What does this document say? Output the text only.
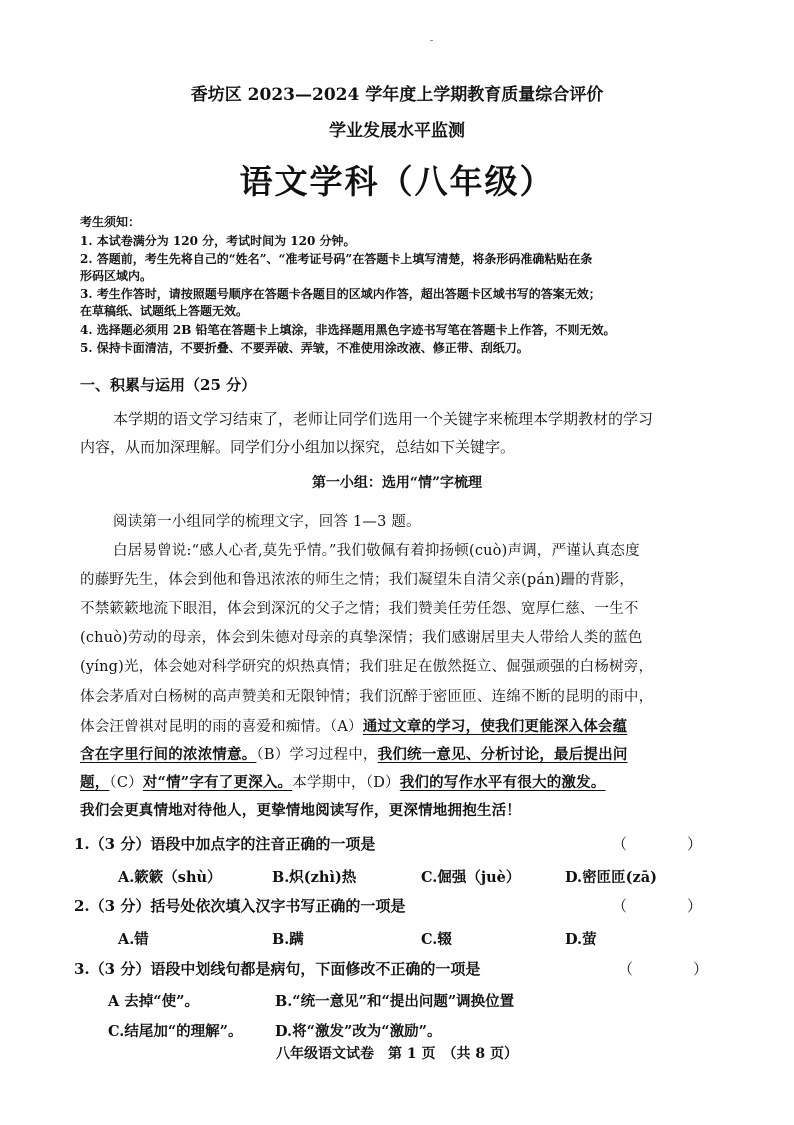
香坊区 2023—2024 学年度上学期教育质量综合评价
学业发展水平监测
语文学科（八年级）
考生须知：
1. 本试卷满分为 120 分，考试时间为 120 分钟。
2. 答题前，考生先将自己的“姓名”、“准考证号码”在答题卡上填写清楚，将条形码准确粘贴在条
形码区域内。
3. 考生作答时，请按照题号顺序在答题卡各题目的区域内作答，超出答题卡区域书写的答案无效；
在草稿纸、试题纸上答题无效。
4. 选择题必须用 2B 铅笔在答题卡上填涂，非选择题用黑色字迹书写笔在答题卡上作答，不则无效。
5. 保持卡面清洁，不要折叠、不要弄破、弄皱，不准使用涂改液、修正带、刮纸刀。
一、积累与运用（25 分）
本学期的语文学习结束了，老师让同学们选用一个关键字来梳理本学期教材的学习
内容，从而加深理解。同学们分小组加以探究，总结如下关键字。
第一小组：选用“情”字梳理
阅读第一小组同学的梳理文字，回答 1—3 题。
白居易曾说:“感人心者,莫先乎情。”我们敬佩有着抑扬顿(cuò)声调，严谨认真态度
的藤野先生，体会到他和鲁迅浓浓的师生之情；我们凝望朱自清父亲(pán)跚的背影，
不禁簌簌地流下眼泪，体会到深沉的父子之情；我们赞美任劳任怨、宽厚仁慈、一生不
(chuò)劳动的母亲，体会到朱德对母亲的真挚深情；我们感谢居里夫人带给人类的蓝色
(yíng)光，体会她对科学研究的炽热真情；我们驻足在傲然挺立、倔强顽强的白杨树旁，
体会茅盾对白杨树的高声赞美和无限钟情；我们沉醉于密匝匝、连绵不断的昆明的雨中，
体会汪曾祺对昆明的雨的喜爱和痴情。（A）通过文章的学习，使我们更能深入体会蕴
含在字里行间的浓浓情意。（B）学习过程中，我们统一意见、分析讨论，最后提出问
题，（C）对“情”字有了更深入。本学期中，（D）我们的写作水平有很大的激发。
我们会更真情地对待他人，更挚情地阅读写作，更深情地拥抱生活！
1.（3 分）语段中加点字的注音正确的一项是	（　　　　）
A.簌簌（shù）	B.炽(zhì)热	C.倔强（juè）	D.密匝匝(zā)
2.（3 分）括号处依次填入汉字书写正确的一项是	（　　　　）
A.错	B.蹒	C.辍	D.萤
3.（3 分）语段中划线句都是病句，下面修改不正确的一项是	（　　　　）
A 去掉“使”。	B.“统一意见”和“提出问题”调换位置
C.结尾加“的理解”。 D.将“激发”改为“激励”。
八年级语文试卷　第 1 页　（共 8 页）
